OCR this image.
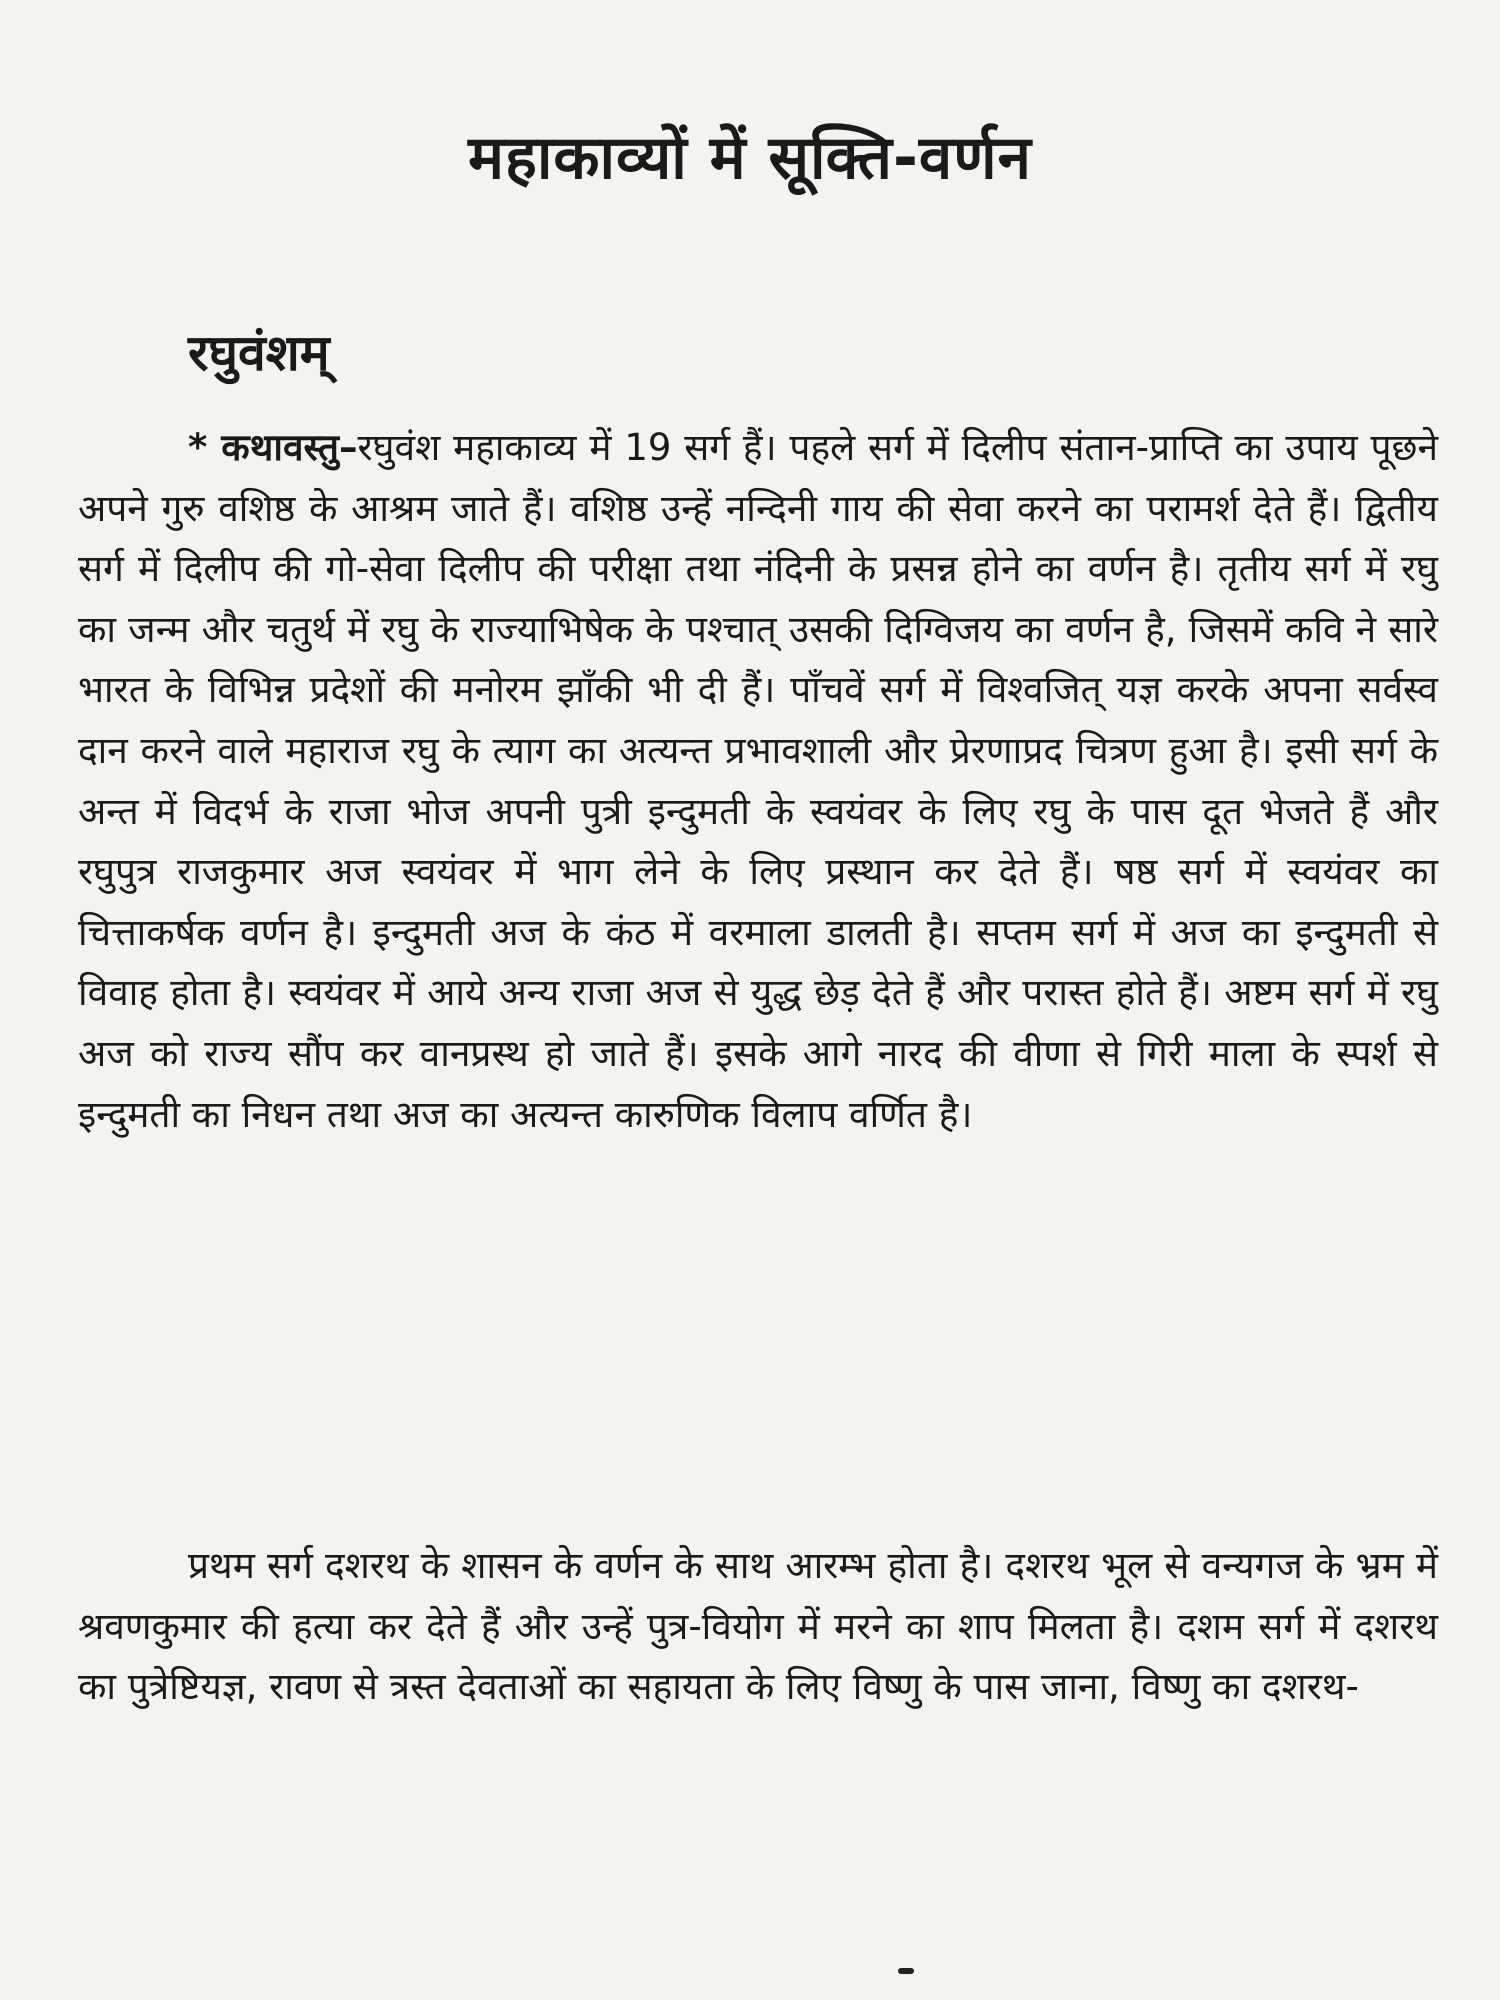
महाकाव्यों में सूक्ति-वर्णन
रघुवंशम्

* कथावस्तु–रघुवंश महाकाव्य में 19 सर्ग हैं। पहले सर्ग में दिलीप संतान-प्राप्ति का उपाय पूछने अपने गुरु वशिष्ठ के आश्रम जाते हैं। वशिष्ठ उन्हें नन्दिनी गाय की सेवा करने का परामर्श देते हैं। द्वितीय सर्ग में दिलीप की गो-सेवा दिलीप की परीक्षा तथा नंदिनी के प्रसन्न होने का वर्णन है। तृतीय सर्ग में रघु का जन्म और चतुर्थ में रघु के राज्याभिषेक के पश्चात् उसकी दिग्विजय का वर्णन है, जिसमें कवि ने सारे भारत के विभिन्न प्रदेशों की मनोरम झाँकी भी दी हैं। पाँचवें सर्ग में विश्वजित् यज्ञ करके अपना सर्वस्व दान करने वाले महाराज रघु के त्याग का अत्यन्त प्रभावशाली और प्रेरणाप्रद चित्रण हुआ है। इसी सर्ग के अन्त में विदर्भ के राजा भोज अपनी पुत्री इन्दुमती के स्वयंवर के लिए रघु के पास दूत भेजते हैं और रघुपुत्र राजकुमार अज स्वयंवर में भाग लेने के लिए प्रस्थान कर देते हैं। षष्ठ सर्ग में स्वयंवर का चित्ताकर्षक वर्णन है। इन्दुमती अज के कंठ में वरमाला डालती है। सप्तम सर्ग में अज का इन्दुमती से विवाह होता है। स्वयंवर में आये अन्य राजा अज से युद्ध छेड़ देते हैं और परास्त होते हैं। अष्टम सर्ग में रघु अज को राज्य सौंप कर वानप्रस्थ हो जाते हैं। इसके आगे नारद की वीणा से गिरी माला के स्पर्श से इन्दुमती का निधन तथा अज का अत्यन्त कारुणिक विलाप वर्णित है।

प्रथम सर्ग दशरथ के शासन के वर्णन के साथ आरम्भ होता है। दशरथ भूल से वन्यगज के भ्रम में श्रवणकुमार की हत्या कर देते हैं और उन्हें पुत्र-वियोग में मरने का शाप मिलता है। दशम सर्ग में दशरथ का पुत्रेष्टियज्ञ, रावण से त्रस्त देवताओं का सहायता के लिए विष्णु के पास जाना, विष्णु का दशरथ-
